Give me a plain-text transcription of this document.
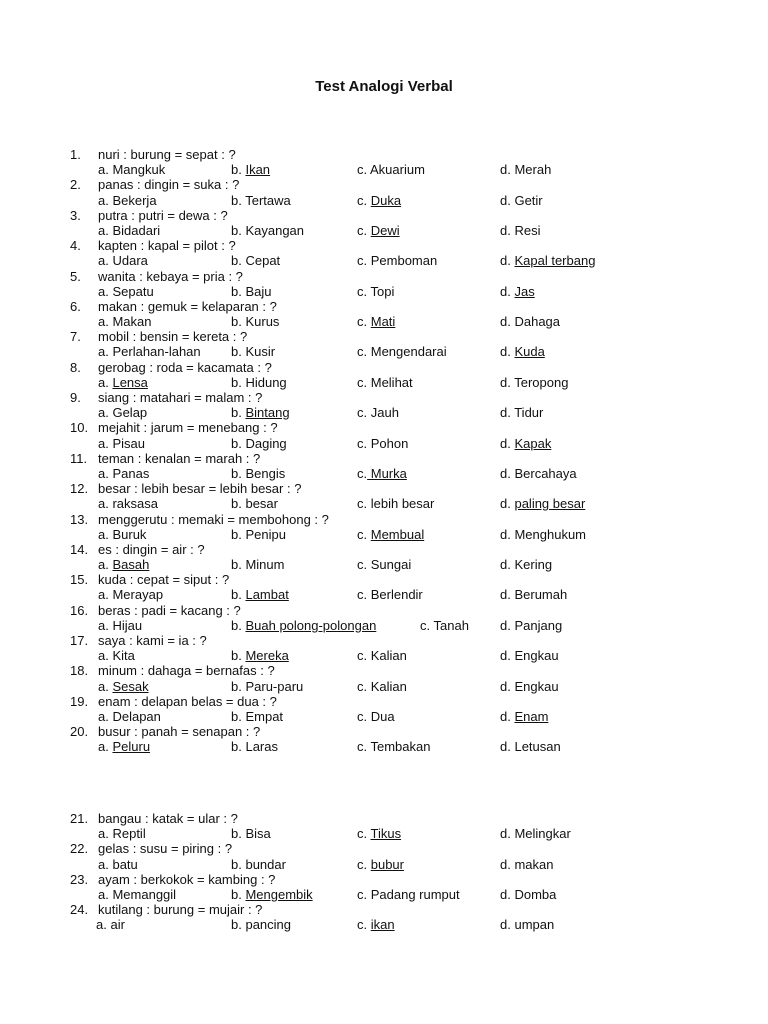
Test Analogi Verbal
1. nuri : burung = sepat : ?
a. Mangkuk	b. Ikan	c. Akuarium	d. Merah
2. panas : dingin = suka : ?
a. Bekerja	b. Tertawa	c. Duka	d. Getir
3. putra : putri = dewa : ?
a. Bidadari	b. Kayangan	c. Dewi	d. Resi
4. kapten : kapal = pilot : ?
a. Udara	b. Cepat	c. Pemboman	d. Kapal terbang
5. wanita : kebaya = pria : ?
a. Sepatu	b. Baju	c. Topi	d. Jas
6. makan : gemuk = kelaparan : ?
a. Makan	b. Kurus	c. Mati	d. Dahaga
7. mobil : bensin = kereta : ?
a. Perlahan-lahan b. Kusir	c. Mengendarai	d. Kuda
8. gerobag : roda = kacamata : ?
a. Lensa	b. Hidung	c. Melihat	d. Teropong
9. siang : matahari = malam : ?
a. Gelap	b. Bintang	c. Jauh	d. Tidur
10. mejahit : jarum = menebang : ?
a. Pisau	b. Daging	c. Pohon	d. Kapak
11. teman : kenalan = marah : ?
a. Panas	b. Bengis	c. Murka	d. Bercahaya
12. besar : lebih besar = lebih besar : ?
a. raksasa	b. besar	c. lebih besar	d. paling besar
13. menggerutu : memaki = membohong : ?
a. Buruk	b. Penipu	c. Membual	d. Menghukum
14. es : dingin = air : ?
a. Basah	b. Minum	c. Sungai	d. Kering
15. kuda : cepat = siput : ?
a. Merayap	b. Lambat	c. Berlendir	d. Berumah
16. beras : padi = kacang : ?
a. Hijau	b. Buah polong-polongan	c. Tanah d. Panjang
17. saya : kami = ia : ?
a. Kita	b. Mereka	c. Kalian	d. Engkau
18. minum : dahaga = bernafas : ?
a. Sesak	b. Paru-paru	c. Kalian	d. Engkau
19. enam : delapan belas = dua : ?
a. Delapan	b. Empat	c. Dua	d. Enam
20. busur : panah = senapan : ?
a. Peluru	b. Laras	c. Tembakan	d. Letusan
21. bangau : katak = ular : ?
a. Reptil	b. Bisa	c. Tikus	d. Melingkar
22. gelas : susu = piring : ?
a. batu	b. bundar	c. bubur	d. makan
23. ayam : berkokok = kambing : ?
a. Memanggil	b. Mengembik	c. Padang rumput	d. Domba
24. kutilang : burung = mujair : ?
a. air	b. pancing	c. ikan	d. umpan
